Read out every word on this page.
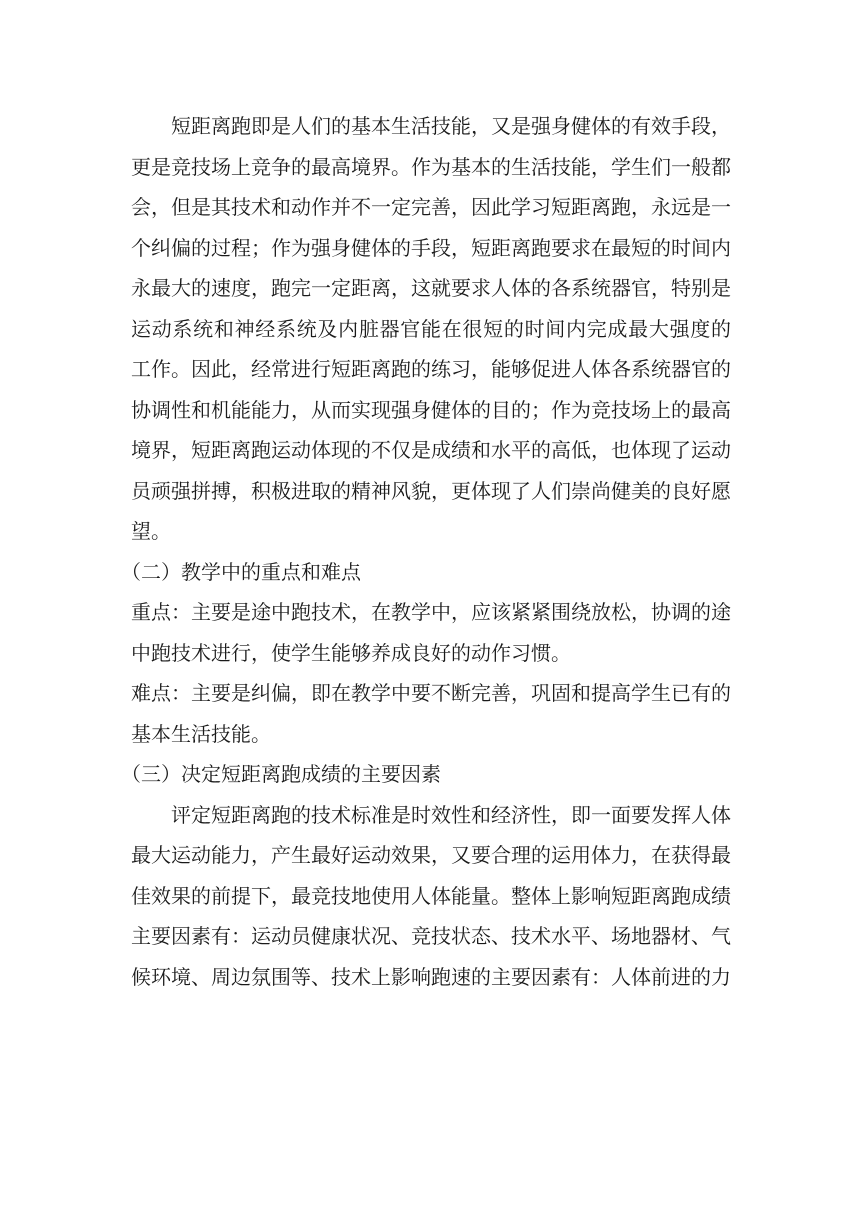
短距离跑即是人们的基本生活技能，又是强身健体的有效手段，
更是竞技场上竞争的最高境界。作为基本的生活技能，学生们一般都
会，但是其技术和动作并不一定完善，因此学习短距离跑，永远是一
个纠偏的过程；作为强身健体的手段，短距离跑要求在最短的时间内
永最大的速度，跑完一定距离，这就要求人体的各系统器官，特别是
运动系统和神经系统及内脏器官能在很短的时间内完成最大强度的
工作。因此，经常进行短距离跑的练习，能够促进人体各系统器官的
协调性和机能能力，从而实现强身健体的目的；作为竞技场上的最高
境界，短距离跑运动体现的不仅是成绩和水平的高低，也体现了运动
员顽强拼搏，积极进取的精神风貌，更体现了人们崇尚健美的良好愿
望。
（二）教学中的重点和难点
重点：主要是途中跑技术，在教学中，应该紧紧围绕放松，协调的途
中跑技术进行，使学生能够养成良好的动作习惯。
难点：主要是纠偏，即在教学中要不断完善，巩固和提高学生已有的
基本生活技能。
（三）决定短距离跑成绩的主要因素
评定短距离跑的技术标准是时效性和经济性，即一面要发挥人体
最大运动能力，产生最好运动效果，又要合理的运用体力，在获得最
佳效果的前提下，最竞技地使用人体能量。整体上影响短距离跑成绩
主要因素有：运动员健康状况、竞技状态、技术水平、场地器材、气
候环境、周边氛围等、技术上影响跑速的主要因素有：人体前进的力
